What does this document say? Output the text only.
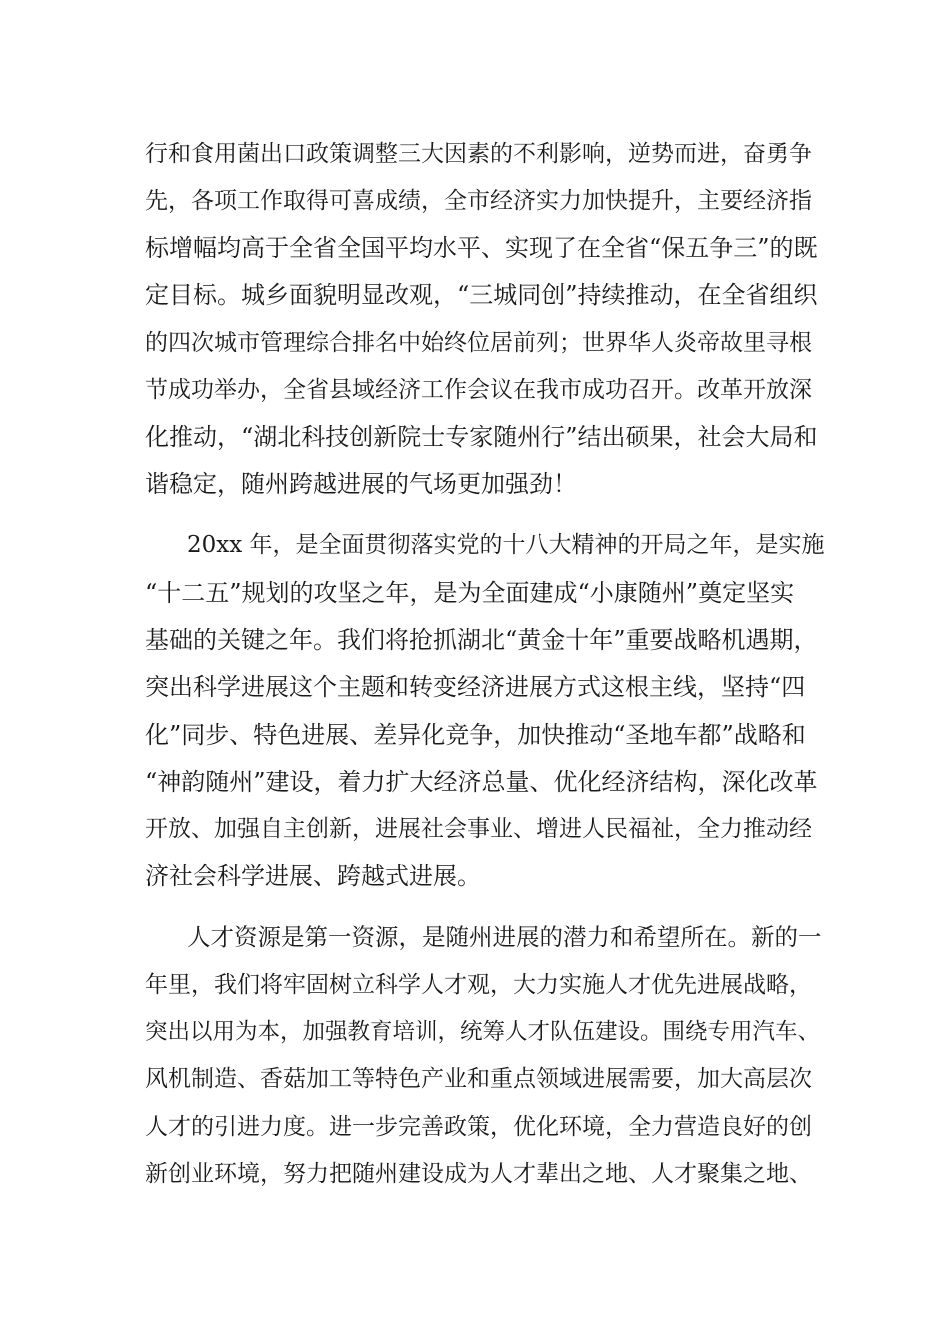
行和食用菌出口政策调整三大因素的不利影响，逆势而进，奋勇争
先，各项工作取得可喜成绩，全市经济实力加快提升，主要经济指
标增幅均高于全省全国平均水平、实现了在全省“保五争三”的既
定目标。城乡面貌明显改观，“三城同创”持续推动，在全省组织
的四次城市管理综合排名中始终位居前列；世界华人炎帝故里寻根
节成功举办，全省县域经济工作会议在我市成功召开。改革开放深
化推动，“湖北科技创新院士专家随州行”结出硕果，社会大局和
谐稳定，随州跨越进展的气场更加强劲！
20xx 年，是全面贯彻落实党的十八大精神的开局之年，是实施
“十二五”规划的攻坚之年，是为全面建成“小康随州”奠定坚实
基础的关键之年。我们将抢抓湖北“黄金十年”重要战略机遇期，
突出科学进展这个主题和转变经济进展方式这根主线，坚持“四
化”同步、特色进展、差异化竞争，加快推动“圣地车都”战略和
“神韵随州”建设，着力扩大经济总量、优化经济结构，深化改革
开放、加强自主创新，进展社会事业、增进人民福祉，全力推动经
济社会科学进展、跨越式进展。
人才资源是第一资源，是随州进展的潜力和希望所在。新的一
年里，我们将牢固树立科学人才观，大力实施人才优先进展战略，
突出以用为本，加强教育培训，统筹人才队伍建设。围绕专用汽车、
风机制造、香菇加工等特色产业和重点领域进展需要，加大高层次
人才的引进力度。进一步完善政策，优化环境，全力营造良好的创
新创业环境，努力把随州建设成为人才辈出之地、人才聚集之地、
